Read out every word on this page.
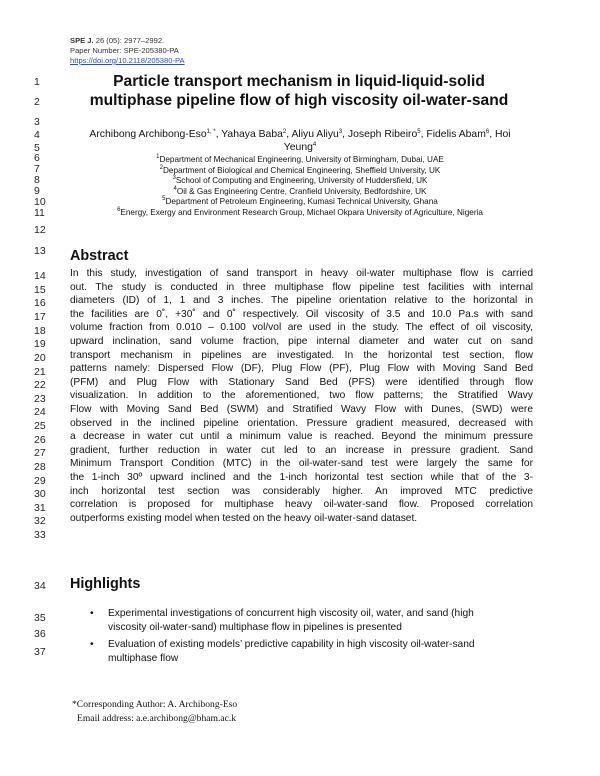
SPE J. 26 (05): 2977–2992.
Paper Number: SPE-205380-PA
https://doi.org/10.2118/205380-PA
1
2
3
4
5
6
7
8
9
10
11
12
13
14
15
16
17
18
19
20
21
22
23
24
25
26
27
28
29
30
31
32
33
34
35
36
37
Particle transport mechanism in liquid-liquid-solid
multiphase pipeline flow of high viscosity oil-water-sand
Archibong Archibong-Eso$^{1, *}$, Yahaya Baba$^2$, Aliyu Aliyu$^3$, Joseph Ribeiro$^5$, Fidelis Abam$^6$, Hoi
Yeung$^4$
$^1$Department of Mechanical Engineering, University of Birmingham, Dubai, UAE
$^2$Department of Biological and Chemical Engineering, Sheffield University, UK
$^3$School of Computing and Engineering, University of Huddersfield, UK
$^4$Oil & Gas Engineering Centre, Cranfield University, Bedfordshire, UK
$^5$Department of Petroleum Engineering, Kumasi Technical University, Ghana
$^6$Energy, Exergy and Environment Research Group, Michael Okpara University of Agriculture, Nigeria
Abstract
In this study, investigation of sand transport in heavy oil-water multiphase flow is carried
out. The study is conducted in three multiphase flow pipeline test facilities with internal
diameters (ID) of 1, 1 and 3 inches. The pipeline orientation relative to the horizontal in
the facilities are 0˚, +30˚ and 0˚ respectively. Oil viscosity of 3.5 and 10.0 Pa.s with sand
volume fraction from 0.010 – 0.100 vol/vol are used in the study. The effect of oil viscosity,
upward inclination, sand volume fraction, pipe internal diameter and water cut on sand
transport mechanism in pipelines are investigated. In the horizontal test section, flow
patterns namely: Dispersed Flow (DF), Plug Flow (PF), Plug Flow with Moving Sand Bed
(PFM) and Plug Flow with Stationary Sand Bed (PFS) were identified through flow
visualization. In addition to the aforementioned, two flow patterns; the Stratified Wavy
Flow with Moving Sand Bed (SWM) and Stratified Wavy Flow with Dunes, (SWD) were
observed in the inclined pipeline orientation. Pressure gradient measured, decreased with
a decrease in water cut until a minimum value is reached. Beyond the minimum pressure
gradient, further reduction in water cut led to an increase in pressure gradient. Sand
Minimum Transport Condition (MTC) in the oil-water-sand test were largely the same for
the 1-inch 30º upward inclined and the 1-inch horizontal test section while that of the 3-
inch horizontal test section was considerably higher. An improved MTC predictive
correlation is proposed for multiphase heavy oil-water-sand flow. Proposed correlation
outperforms existing model when tested on the heavy oil-water-sand dataset.
Highlights
• Experimental investigations of concurrent high viscosity oil, water, and sand (high
viscosity oil-water-sand) multiphase flow in pipelines is presented
• Evaluation of existing models’ predictive capability in high viscosity oil-water-sand
multiphase flow
*Corresponding Author: A. Archibong-Eso
Email address: a.e.archibong@bham.ac.k
